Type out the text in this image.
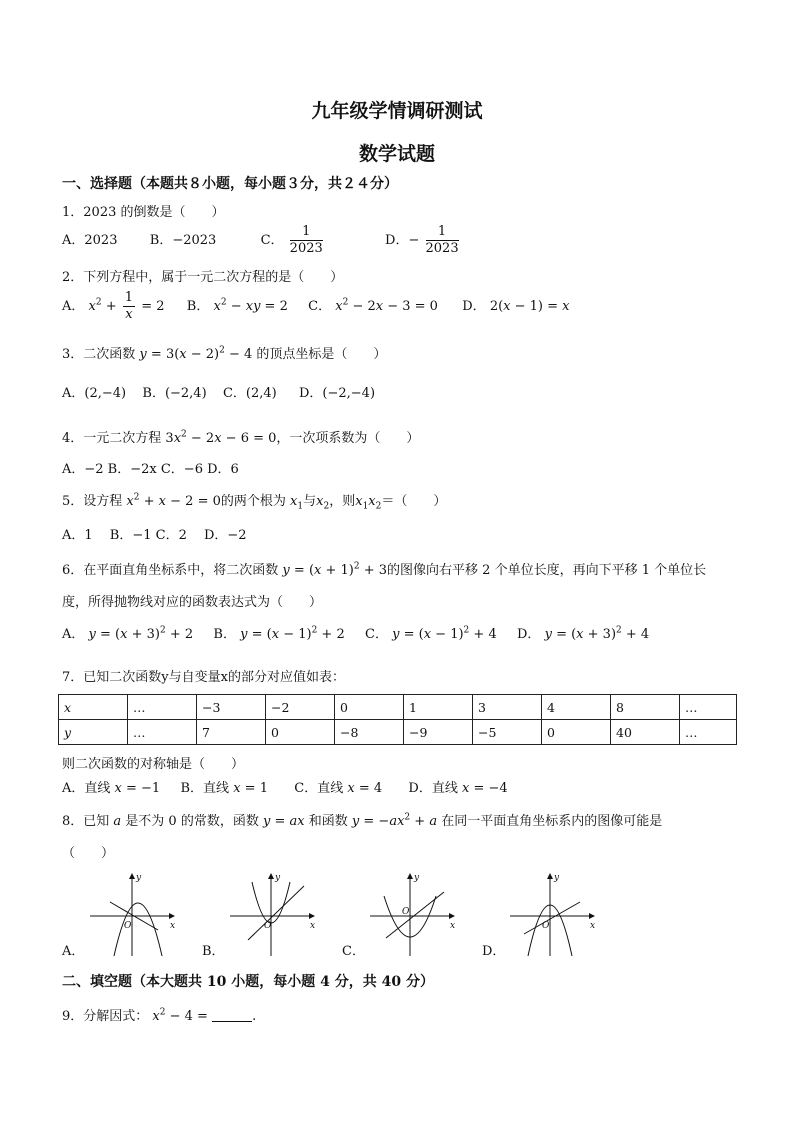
九年级学情调研测试
数学试题
一、选择题（本题共８小题，每小题３分，共２４分）
1．2023 的倒数是（　　）
A．2023 B．−2023	C． $\frac{1}{2023}$	D．− $\frac{1}{2023}$
2．下列方程中，属于一元二次方程的是（　　）
A． $x^2 + \frac{1}{x} = 2$ B． $x^2$ − xy = 2 C． $x^2 - 2x - 3 = 0$ D． 2(x − 1) = x
3．二次函数 $y = 3(x - 2)^2 - 4$ 的顶点坐标是（　　）
A．(2,−4) B．(−2,4) C．(2,4) D．(−2,−4)
4．一元二次方程 $3x^2 - 2x - 6 = 0$，一次项系数为（　　）
A．−2 B．−2x C．−6 D．6
5．设方程 $x^2 + x - 2 = 0$的两个根为 $x_1$与$x_2$，则$x_1x_2=$（　　）
A．1　 B．−1 C．2　 D．−2
6．在平面直角坐标系中，将二次函数 $y = (x + 1)^2 + 3$的图像向右平移 2 个单位长度，再向下平移 1 个单位长
度，所得抛物线对应的函数表达式为（　　）
A． $y = (x + 3)^2 + 2$ B． $y = (x - 1)^2 + 2$ C． $y = (x - 1)^2 + 4$ D． $y = (x + 3)^2 + 4$
7．已知二次函数y与自变量x的部分对应值如表：
x	…	−3	−2	0	1	3	4	8	…
y	…	7	0	−8	−9	−5	0	40	…
则二次函数的对称轴是（　　）
A．直线 x = −1 B．直线 x = 1 C．直线 x = 4 D．直线 x = −4
8．已知 a 是不为 0 的常数，函数 y = ax 和函数 $y = -ax^2 + a$ 在同一平面直角坐标系内的图像可能是
（　　）
y
x
O
y
x
O
y
x
O
y
x
O
A．	B．	C．	D．
二、填空题（本大题共 10 小题，每小题 4 分，共 40 分）
9．分解因式： $x^2 - 4$ =	.
